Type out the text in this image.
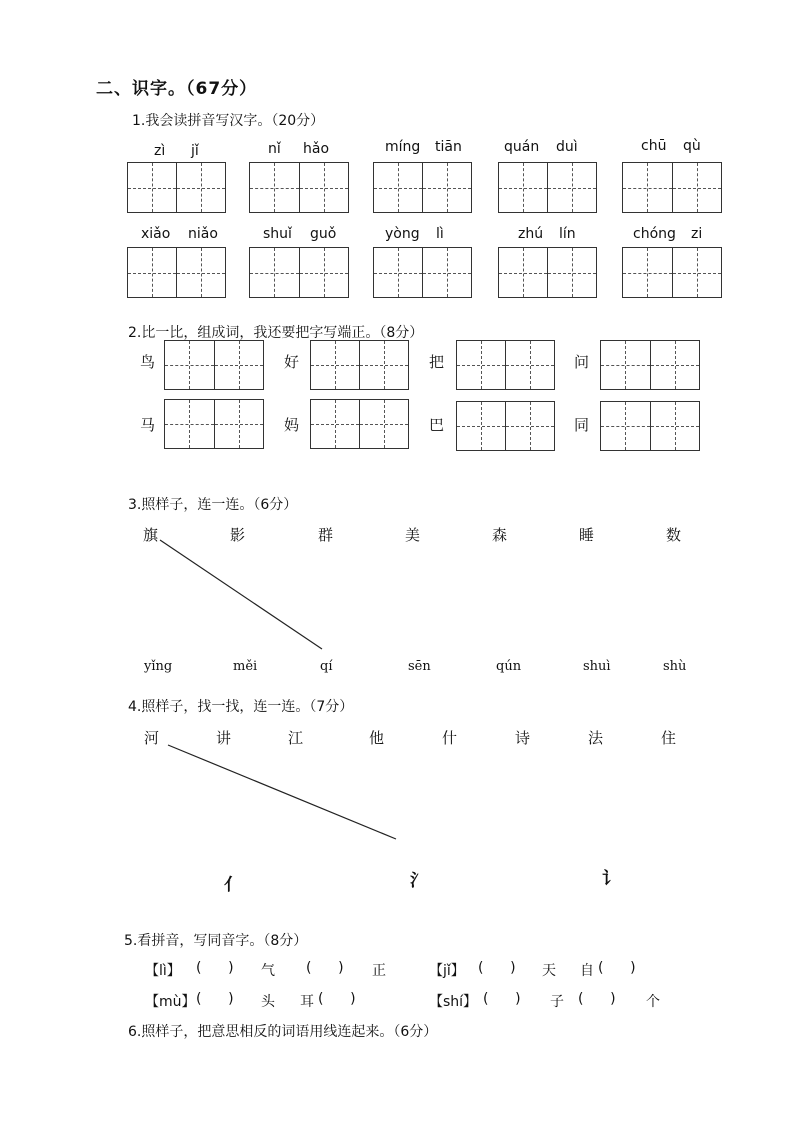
二、识字。（67分）
1.我会读拼音写汉字。（20分）
zì jǐ	nǐ hǎo	míng tiān	quán duì	chū qù
xiǎo niǎo	shuǐ guǒ	yòng lì	zhú lín	chóng zi
2.比一比，组成词，我还要把字写端正。（8分）
鸟	好	把	问
马	妈	巴	同
3.照样子，连一连。（6分）
旗	影	群	美	森	睡	数
yǐng	měi	qí	sēn	qún	shuì	shù
4.照样子，找一找，连一连。（7分）
河	讲	江	他	什	诗	法	住
亻	氵	讠
5.看拼音，写同音字。（8分）
【lì】 (      ) 气 (      ) 正	【jǐ】 (      ) 天 自 (      )
【mù】 (      ) 头 耳 (      )	【shí】 (      ) 子 (      ) 个
6.照样子，把意思相反的词语用线连起来。（6分）
